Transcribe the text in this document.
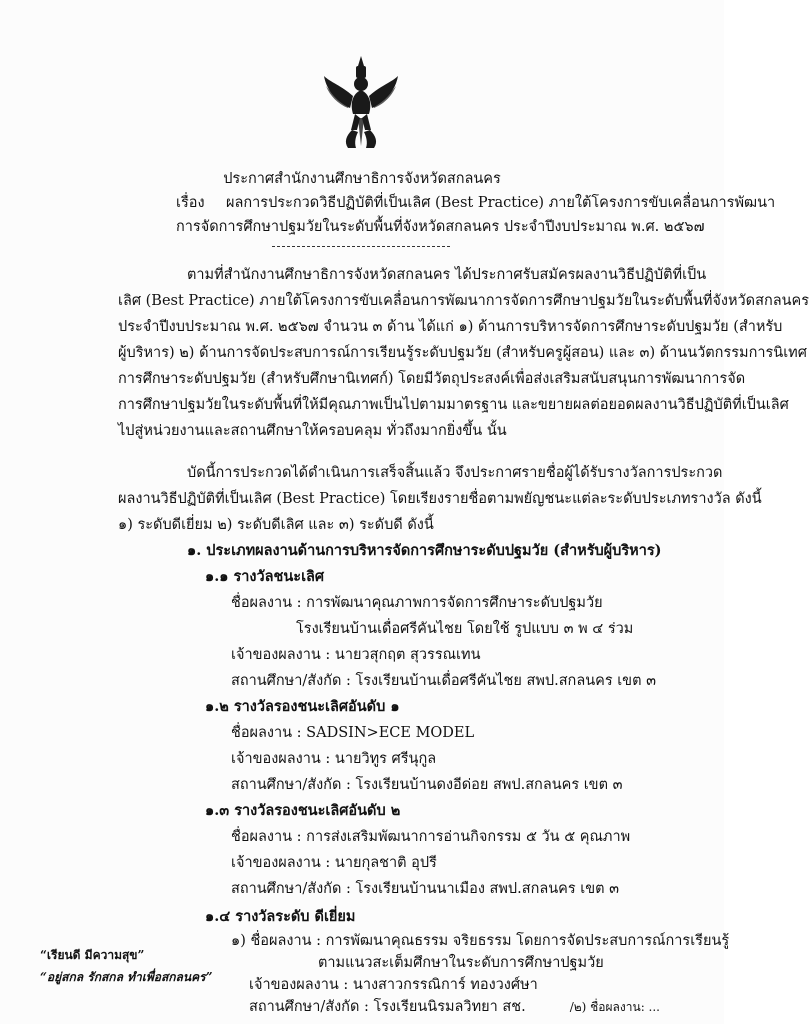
ประกาศสำนักงานศึกษาธิการจังหวัดสกลนคร
เรื่อง ผลการประกวดวิธีปฏิบัติที่เป็นเลิศ (Best Practice) ภายใต้โครงการขับเคลื่อนการพัฒนา
การจัดการศึกษาปฐมวัยในระดับพื้นที่จังหวัดสกลนคร ประจำปีงบประมาณ พ.ศ. ๒๕๖๗
ตามที่สำนักงานศึกษาธิการจังหวัดสกลนคร ได้ประกาศรับสมัครผลงานวิธีปฏิบัติที่เป็น
เลิศ (Best Practice) ภายใต้โครงการขับเคลื่อนการพัฒนาการจัดการศึกษาปฐมวัยในระดับพื้นที่จังหวัดสกลนคร
ประจำปีงบประมาณ พ.ศ. ๒๕๖๗ จำนวน ๓ ด้าน ได้แก่ ๑) ด้านการบริหารจัดการศึกษาระดับปฐมวัย (สำหรับ
ผู้บริหาร) ๒) ด้านการจัดประสบการณ์การเรียนรู้ระดับปฐมวัย (สำหรับครูผู้สอน) และ ๓) ด้านนวัตกรรมการนิเทศ
การศึกษาระดับปฐมวัย (สำหรับศึกษานิเทศก์) โดยมีวัตถุประสงค์เพื่อส่งเสริมสนับสนุนการพัฒนาการจัด
การศึกษาปฐมวัยในระดับพื้นที่ให้มีคุณภาพเป็นไปตามมาตรฐาน และขยายผลต่อยอดผลงานวิธีปฏิบัติที่เป็นเลิศ
ไปสู่หน่วยงานและสถานศึกษาให้ครอบคลุม ทั่วถึงมากยิ่งขึ้น นั้น
บัดนี้การประกวดได้ดำเนินการเสร็จสิ้นแล้ว จึงประกาศรายชื่อผู้ได้รับรางวัลการประกวด
ผลงานวิธีปฏิบัติที่เป็นเลิศ (Best Practice) โดยเรียงรายชื่อตามพยัญชนะแต่ละระดับประเภทรางวัล ดังนี้
๑) ระดับดีเยี่ยม ๒) ระดับดีเลิศ และ ๓) ระดับดี ดังนี้
๑. ประเภทผลงานด้านการบริหารจัดการศึกษาระดับปฐมวัย (สำหรับผู้บริหาร)
๑.๑ รางวัลชนะเลิศ
ชื่อผลงาน : การพัฒนาคุณภาพการจัดการศึกษาระดับปฐมวัย
โรงเรียนบ้านเดื่อศรีคันไชย โดยใช้ รูปแบบ ๓ พ ๔ ร่วม
เจ้าของผลงาน : นายวสุกฤต สุวรรณเทน
สถานศึกษา/สังกัด : โรงเรียนบ้านเดื่อศรีคันไชย สพป.สกลนคร เขต ๓
๑.๒ รางวัลรองชนะเลิศอันดับ ๑
ชื่อผลงาน : SADSIN>ECE MODEL
เจ้าของผลงาน : นายวิทูร ศรีนุกูล
สถานศึกษา/สังกัด : โรงเรียนบ้านดงอีด่อย สพป.สกลนคร เขต ๓
๑.๓ รางวัลรองชนะเลิศอันดับ ๒
ชื่อผลงาน : การส่งเสริมพัฒนาการอ่านกิจกรรม ๕ วัน ๕ คุณภาพ
เจ้าของผลงาน : นายกุลชาติ อุปรี
สถานศึกษา/สังกัด : โรงเรียนบ้านนาเมือง สพป.สกลนคร เขต ๓
๑.๔ รางวัลระดับ ดีเยี่ยม
๑) ชื่อผลงาน : การพัฒนาคุณธรรม จริยธรรม โดยการจัดประสบการณ์การเรียนรู้
ตามแนวสะเต็มศึกษาในระดับการศึกษาปฐมวัย
เจ้าของผลงาน : นางสาวกรรณิการ์ ทองวงศ์ษา
สถานศึกษา/สังกัด : โรงเรียนนิรมลวิทยา สช.	/๒) ชื่อผลงาน: ...
“เรียนดี มีความสุข”
“อยู่สกล รักสกล ทำเพื่อสกลนคร”
